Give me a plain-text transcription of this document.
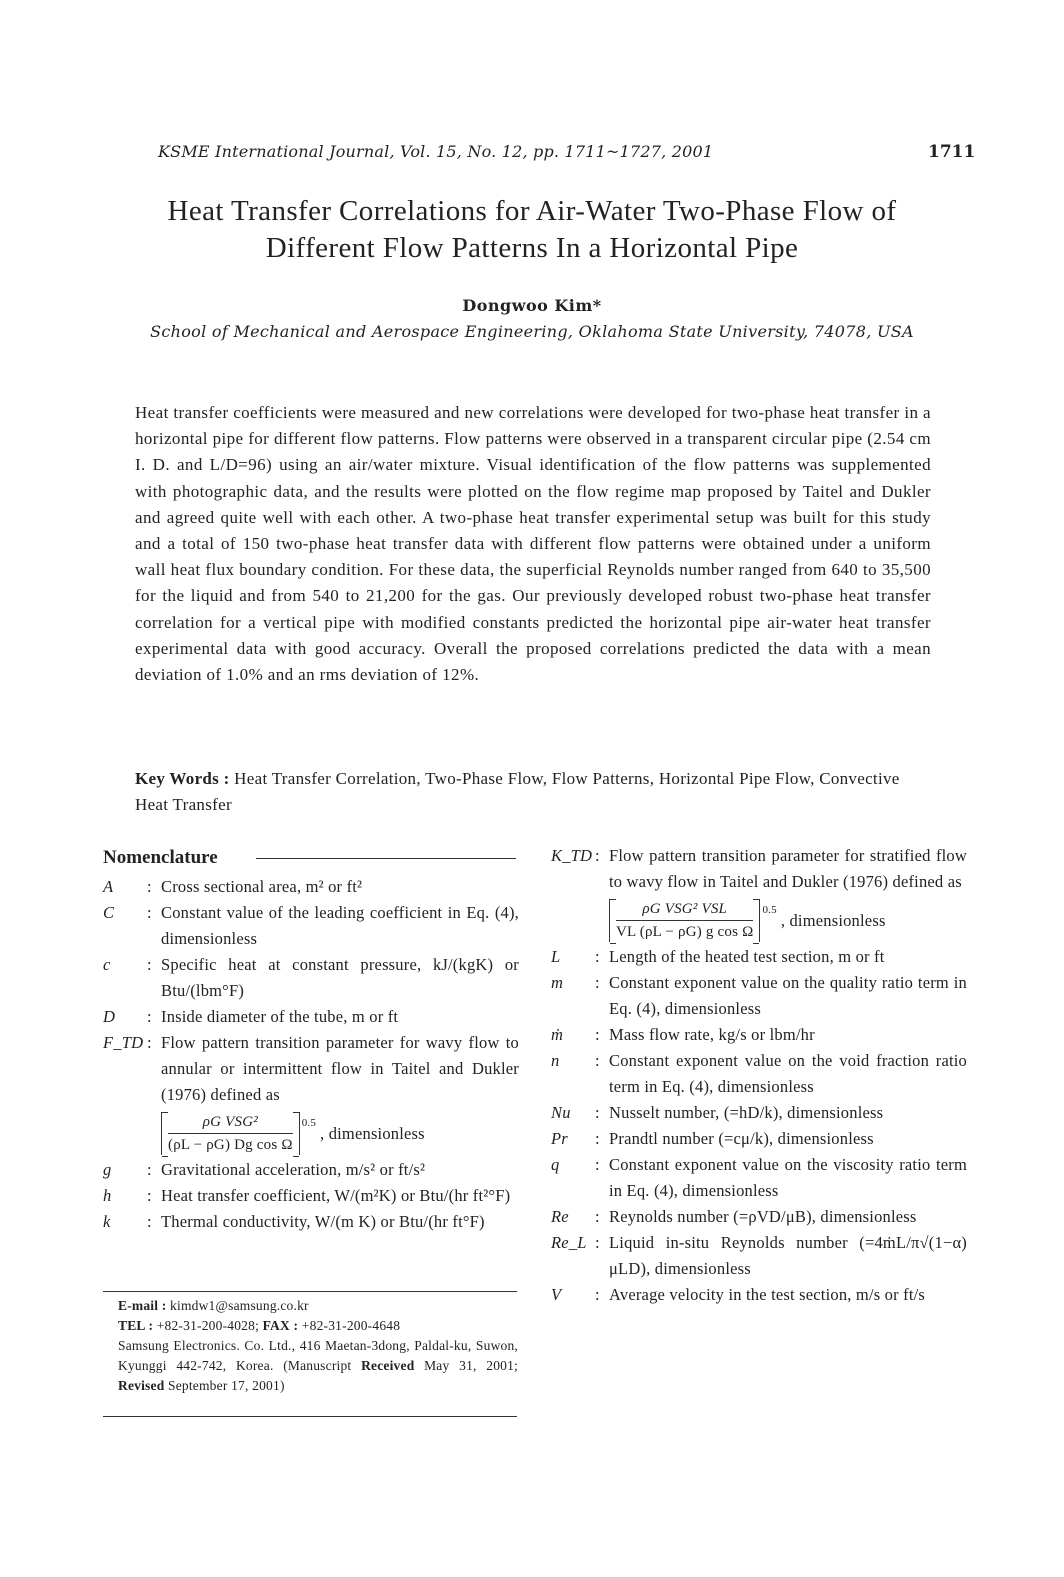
KSME International Journal, Vol. 15, No. 12, pp. 1711~1727, 2001	1711
Heat Transfer Correlations for Air-Water Two-Phase Flow of
Different Flow Patterns In a Horizontal Pipe
Dongwoo Kim*
School of Mechanical and Aerospace Engineering, Oklahoma State University, 74078, USA
Heat transfer coefficients were measured and new correlations were developed for two-phase heat transfer in a horizontal pipe for different flow patterns. Flow patterns were observed in a transparent circular pipe (2.54 cm I. D. and L/D=96) using an air/water mixture. Visual identification of the flow patterns was supplemented with photographic data, and the results were plotted on the flow regime map proposed by Taitel and Dukler and agreed quite well with each other. A two-phase heat transfer experimental setup was built for this study and a total of 150 two-phase heat transfer data with different flow patterns were obtained under a uniform wall heat flux boundary condition. For these data, the superficial Reynolds number ranged from 640 to 35,500 for the liquid and from 540 to 21,200 for the gas. Our previously developed robust two-phase heat transfer correlation for a vertical pipe with modified constants predicted the horizontal pipe air-water heat transfer experimental data with good accuracy. Overall the proposed correlations predicted the data with a mean deviation of 1.0% and an rms deviation of 12%.
Key Words : Heat Transfer Correlation, Two-Phase Flow, Flow Patterns, Horizontal Pipe Flow, Convective Heat Transfer
Nomenclature
A	: Cross sectional area, m² or ft²
C	: Constant value of the leading coefficient in Eq. (4), dimensionless
c	: Specific heat at constant pressure, kJ/(kgK) or Btu/(lbm°F)
D	: Inside diameter of the tube, m or ft
F_TD : Flow pattern transition parameter for wavy flow to annular or intermittent flow in Taitel and Dukler (1976) defined as

$\frac{\text{ρG VSG²}}{\text{(ρL − ρG) Dg cos Ω}} 0.5$
, dimensionless
g	: Gravitational acceleration, m/s² or ft/s²
h	: Heat transfer coefficient, W/(m²K) or Btu/(hr ft²°F)
k	: Thermal conductivity, W/(m K) or Btu/(hr ft°F)
E-mail : kimdw1@samsung.co.kr
TEL : +82-31-200-4028; FAX : +82-31-200-4648
Samsung Electronics. Co. Ltd., 416 Maetan-3dong, Paldal-ku, Suwon, Kyunggi 442-742, Korea. (Manuscript Received May 31, 2001; Revised September 17, 2001)
K_TD : Flow pattern transition parameter for stratified flow to wavy flow in Taitel and Dukler (1976) defined as

$\frac{\text{ρG VSG² VSL}}{\text{VL (ρL − ρG) g cos Ω}} 0.5$
, dimensionless
L	: Length of the heated test section, m or ft
m	: Constant exponent value on the quality ratio term in Eq. (4), dimensionless
ṁ	: Mass flow rate, kg/s or lbm/hr
n	: Constant exponent value on the void fraction ratio term in Eq. (4), dimensionless
Nu	: Nusselt number, (=hD/k), dimensionless
Pr	: Prandtl number (=cμ/k), dimensionless
q	: Constant exponent value on the viscosity ratio term in Eq. (4), dimensionless
Re	: Reynolds number (=ρVD/μB), dimensionless
Re_L : Liquid in-situ Reynolds number (=4ṁL/π√(1−α) μLD), dimensionless
V	: Average velocity in the test section, m/s or ft/s
